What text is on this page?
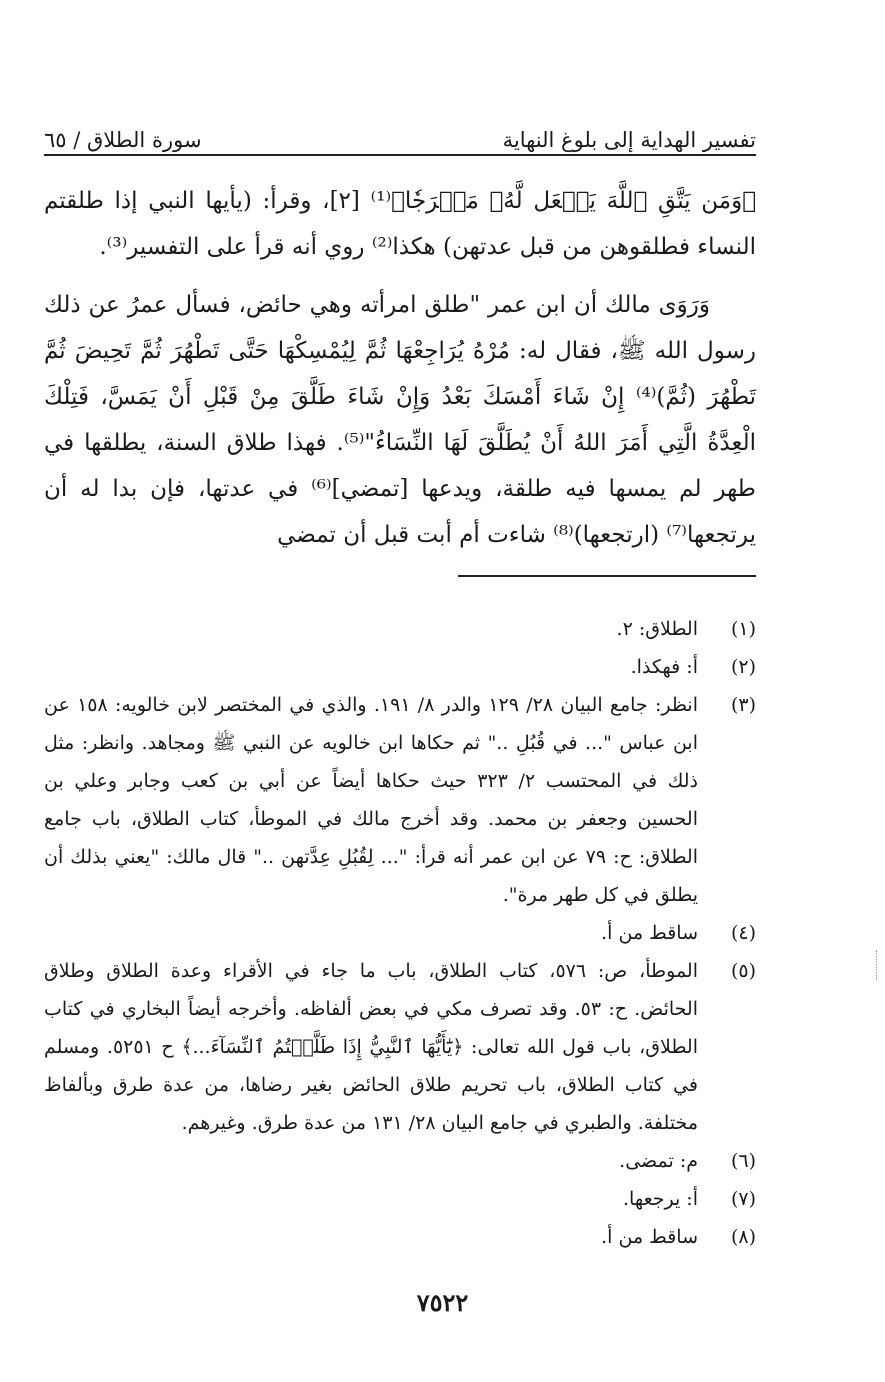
تفسير الهداية إلى بلوغ النهاية
سورة الطلاق / ٦٥

﴿وَمَن يَتَّقِ ٱللَّهَ يَجۡعَل لَّهُۥ مَخۡرَجٗا﴾⁽¹⁾ [٢]، وقرأ: (يأيها النبي إذا طلقتم النساء فطلقوهن من قبل عدتهن) هكذا⁽²⁾ روي أنه قرأ على التفسير⁽³⁾.

وَرَوَى مالك أن ابن عمر "طلق امرأته وهي حائض، فسأل عمرُ عن ذلك رسول الله ﷺ، فقال له: مُرْهُ يُرَاجِعْهَا ثُمَّ لِيُمْسِكْهَا حَتَّى تَطْهُرَ ثُمَّ تَحِيضَ ثُمَّ تَطْهُرَ (ثُمَّ)⁽⁴⁾ إِنْ شَاءَ أَمْسَكَ بَعْدُ وَإِنْ شَاءَ طَلَّقَ مِنْ قَبْلِ أَنْ يَمَسَّ، فَتِلْكَ الْعِدَّةُ الَّتِي أَمَرَ اللهُ أَنْ يُطَلَّقَ لَهَا النِّسَاءُ"⁽⁵⁾. فهذا طلاق السنة، يطلقها في طهر لم يمسها فيه طلقة، ويدعها [تمضي]⁽⁶⁾ في عدتها، فإن بدا له أن يرتجعها⁽⁷⁾ (ارتجعها)⁽⁸⁾ شاءت أم أبت قبل أن تمضي

(١)
الطلاق: ٢.
(٢)
أ: فهكذا.
(٣)
انظر: جامع البيان ٢٨/ ١٢٩ والدر ٨/ ١٩١. والذي في المختصر لابن خالويه: ١٥٨ عن ابن عباس "... في قُبُلِ .." ثم حكاها ابن خالويه عن النبي ﷺ ومجاهد. وانظر: مثل ذلك في المحتسب ٢/ ٣٢٣ حيث حكاها أيضاً عن أبي بن كعب وجابر وعلي بن الحسين وجعفر بن محمد. وقد أخرج مالك في الموطأ، كتاب الطلاق، باب جامع الطلاق: ح: ٧٩ عن ابن عمر أنه قرأ: "... لِقُبُلِ عِدَّتهن .." قال مالك: "يعني بذلك أن يطلق في كل طهر مرة".
(٤)
ساقط من أ.
(٥)
الموطأ، ص: ٥٧٦، كتاب الطلاق، باب ما جاء في الأقراء وعدة الطلاق وطلاق الحائض. ح: ٥٣. وقد تصرف مكي في بعض ألفاظه. وأخرجه أيضاً البخاري في كتاب الطلاق، باب قول الله تعالى: ﴿يَٰٓأَيُّهَا ٱلنَّبِيُّ إِذَا طَلَّقۡتُمُ ٱلنِّسَآءَ...﴾ ح ٥٢٥١. ومسلم في كتاب الطلاق، باب تحريم طلاق الحائض بغير رضاها، من عدة طرق وبألفاظ مختلفة. والطبري في جامع البيان ٢٨/ ١٣١ من عدة طرق. وغيرهم.
(٦)
م: تمضى.
(٧)
أ: يرجعها.
(٨)
ساقط من أ.
٧٥٢٢
